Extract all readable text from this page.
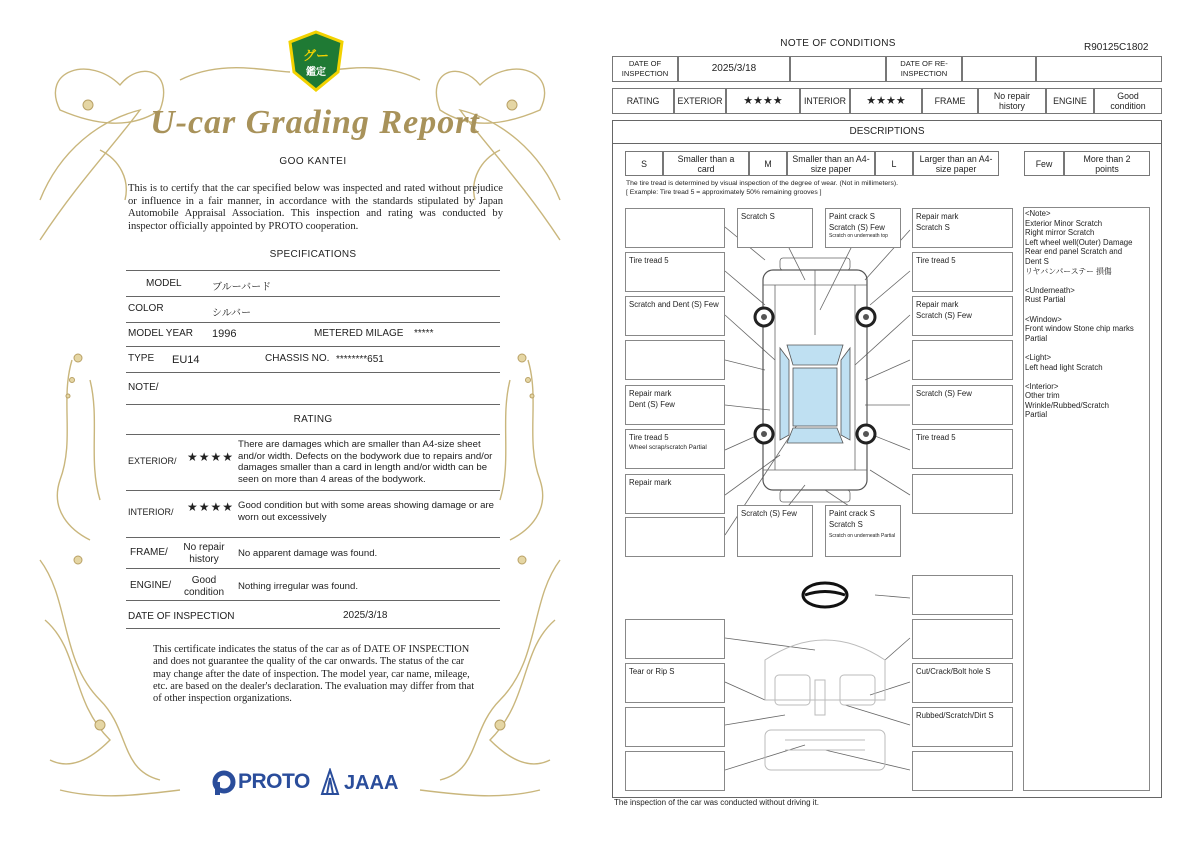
グー
鑑定
U-car Grading Report
GOO KANTEI
This is to certify that the car specified below was inspected and rated without prejudice or influence in a fair manner, in accordance with the standards stipulated by Japan Automobile Appraisal Association. This inspection and rating was conducted by inspector officially appointed by PROTO cooperation.
SPECIFICATIONS
MODEL	ブルーバード
COLOR	シルバー
MODEL YEAR 1996	METERED MILAGE *****
TYPE EU14	CHASSIS NO. ********651
NOTE/
RATING
EXTERIOR/ ★★★★
There are damages which are smaller than A4-size sheet and/or width. Defects on the bodywork due to repairs and/or damages smaller than a card in length and/or width can be seen on more than 4 areas of the bodywork.
INTERIOR/ ★★★★ Good condition but with some areas showing damage or are worn out excessively
FRAME/	No repair history
No apparent damage was found.
ENGINE/	Good condition
Nothing irregular was found.
DATE OF INSPECTION	2025/3/18
This certificate indicates the status of the car as of DATE OF INSPECTION and does not guarantee the quality of the car onwards. The status of the car may change after the date of inspection. The model year, car name, mileage, etc. are based on the dealer's declaration. The evaluation may differ from that of other inspection organizations.
PROTO JAAA
NOTE OF CONDITIONS	R90125C1802
DATE OF INSPECTION	2025/3/18	DATE OF RE-INSPECTION
RATING	EXTERIOR	★★★★	INTERIOR	★★★★	FRAME	No repair history	ENGINE	Good condition
DESCRIPTIONS
S	Smaller than a card	M	Smaller than an A4-size paper	L	Larger than an A4-size paper	Few	More than 2 points
The tire tread is determined by visual inspection of the degree of wear. (Not in millimeters).
[ Example: Tire tread 5 = approximately 50% remaining grooves ]
Scratch S	Paint crack S
Scratch (S) Few
Scratch on underneath top
Repair mark
Scratch S
Tire tread 5	Tire tread 5
Scratch and Dent (S) Few	Repair mark
Scratch (S) Few
Repair mark
Dent (S) Few
Scratch (S) Few
Tire tread 5
Wheel scrap/scratch Partial
Tire tread 5
Repair mark
Scratch (S) Few	Paint crack S
Scratch S
Scratch on underneath Partial
Tear or Rip S	Cut/Crack/Bolt hole S
Rubbed/Scratch/Dirt S
The inspection of the car was conducted without driving it.
<Note>
Exterior Minor Scratch
Right mirror Scratch
Left wheel well(Outer) Damage
Rear end panel Scratch and
Dent S
リヤバンパーステー 損傷

<Underneath>
Rust Partial

<Window>
Front window Stone chip marks
Partial

<Light>
Left head light Scratch

<Interior>
Other trim
Wrinkle/Rubbed/Scratch
Partial
